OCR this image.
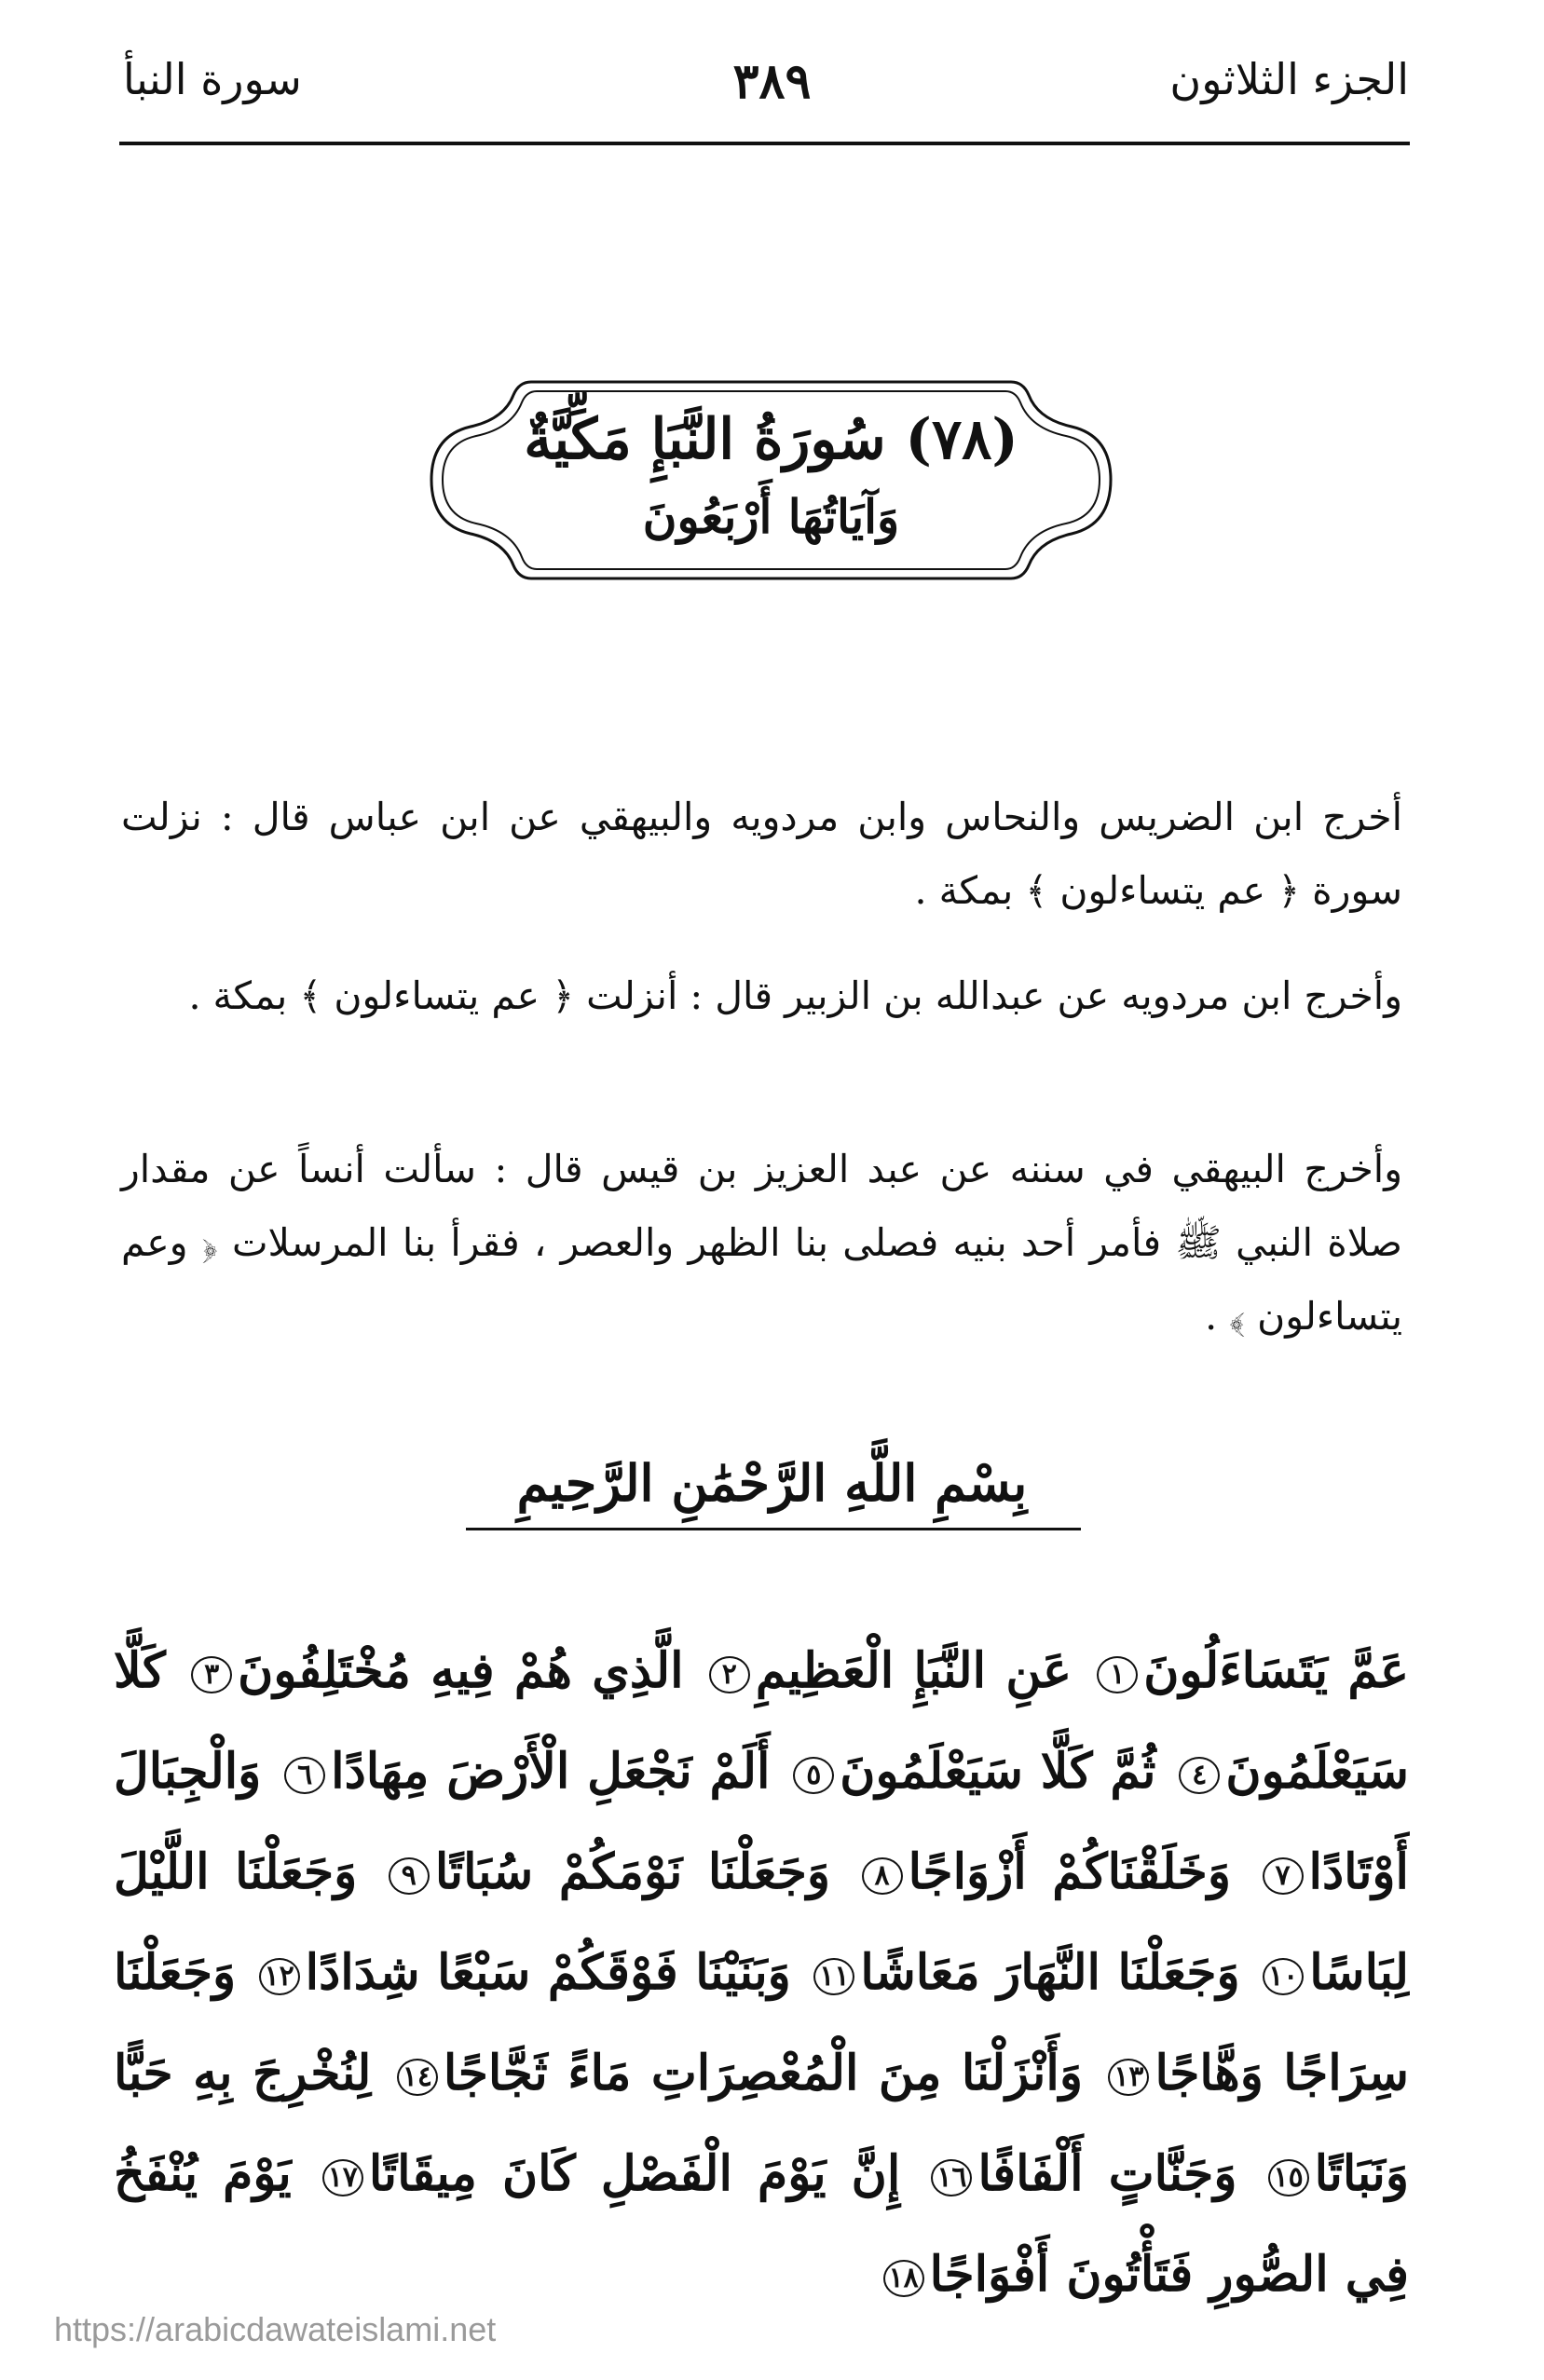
الجزء الثلاثون
٣٨٩
سورة النبأ
(٧٨) سُورَةُ النَّبَإِ مَكِّيَّةٌ
وَآيَاتُهَا أَرْبَعُونَ

أخرج ابن الضريس والنحاس وابن مردويه والبيهقي عن ابن عباس قال : نزلت سورة ﴿ عم يتساءلون ﴾ بمكة .

وأخرج ابن مردويه عن عبدالله بن الزبير قال : أنزلت ﴿ عم يتساءلون ﴾ بمكة .

وأخرج البيهقي في سننه عن عبد العزيز بن قيس قال : سألت أنساً عن مقدار صلاة النبي ﷺ فأمر أحد بنيه فصلى بنا الظهر والعصر ، فقرأ بنا المرسلات ﴿ وعم يتساءلون ﴾ .

بِسْمِ اللَّهِ الرَّحْمَٰنِ الرَّحِيمِ

عَمَّ يَتَسَاءَلُونَ١ عَنِ النَّبَإِ الْعَظِيمِ٢ الَّذِي هُمْ فِيهِ مُخْتَلِفُونَ٣ كَلَّا سَيَعْلَمُونَ٤ ثُمَّ كَلَّا سَيَعْلَمُونَ٥ أَلَمْ نَجْعَلِ الْأَرْضَ مِهَادًا٦ وَالْجِبَالَ أَوْتَادًا٧ وَخَلَقْنَاكُمْ أَزْوَاجًا٨ وَجَعَلْنَا نَوْمَكُمْ سُبَاتًا٩ وَجَعَلْنَا اللَّيْلَ لِبَاسًا١٠ وَجَعَلْنَا النَّهَارَ مَعَاشًا١١ وَبَنَيْنَا فَوْقَكُمْ سَبْعًا شِدَادًا١٢ وَجَعَلْنَا سِرَاجًا وَهَّاجًا١٣ وَأَنْزَلْنَا مِنَ الْمُعْصِرَاتِ مَاءً ثَجَّاجًا١٤ لِنُخْرِجَ بِهِ حَبًّا وَنَبَاتًا١٥ وَجَنَّاتٍ أَلْفَافًا١٦ إِنَّ يَوْمَ الْفَصْلِ كَانَ مِيقَاتًا١٧ يَوْمَ يُنْفَخُ فِي الصُّورِ فَتَأْتُونَ أَفْوَاجًا١٨

https://arabicdawateislami.net
